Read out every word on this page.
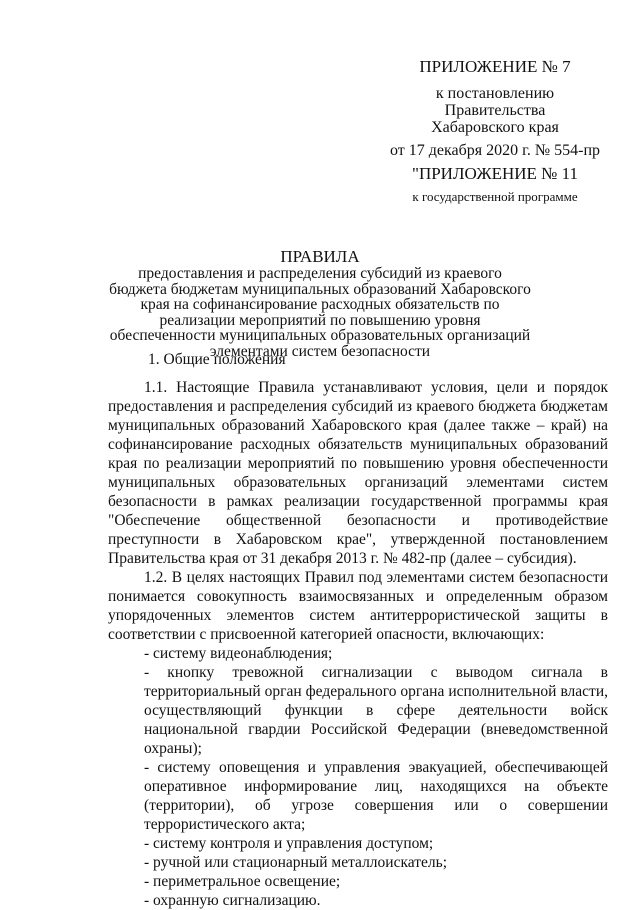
ПРИЛОЖЕНИЕ № 7
к постановлению
Правительства
Хабаровского края
от 17 декабря 2020 г. № 554-пр
"ПРИЛОЖЕНИЕ № 11
к государственной программе
ПРАВИЛА
предоставления и распределения субсидий из краевого бюджета бюджетам муниципальных образований Хабаровского края на софинансирование расходных обязательств по реализации мероприятий по повышению уровня обеспеченности муниципальных образовательных организаций элементами систем безопасности
1. Общие положения

1.1. Настоящие Правила устанавливают условия, цели и порядок предоставления и распределения субсидий из краевого бюджета бюджетам муниципальных образований Хабаровского края (далее также – край) на софинансирование расходных обязательств муниципальных образований края по реализации мероприятий по повышению уровня обеспеченности муниципальных образовательных организаций элементами систем безопасности в рамках реализации государственной программы края "Обеспечение общественной безопасности и противодействие преступности в Хабаровском крае", утвержденной постановлением Правительства края от 31 декабря 2013 г. № 482-пр (далее – субсидия).

1.2. В целях настоящих Правил под элементами систем безопасности понимается совокупность взаимосвязанных и определенным образом упорядоченных элементов систем антитеррористической защиты в соответствии с присвоенной категорией опасности, включающих:

- систему видеонаблюдения;

- кнопку тревожной сигнализации с выводом сигнала в территориальный орган федерального органа исполнительной власти, осуществляющий функции в сфере деятельности войск национальной гвардии Российской Федерации (вневедомственной охраны);

- систему оповещения и управления эвакуацией, обеспечивающей оперативное информирование лиц, находящихся на объекте (территории), об угрозе совершения или о совершении террористического акта;

- систему контроля и управления доступом;

- ручной или стационарный металлоискатель;

- периметральное освещение;

- охранную сигнализацию.
